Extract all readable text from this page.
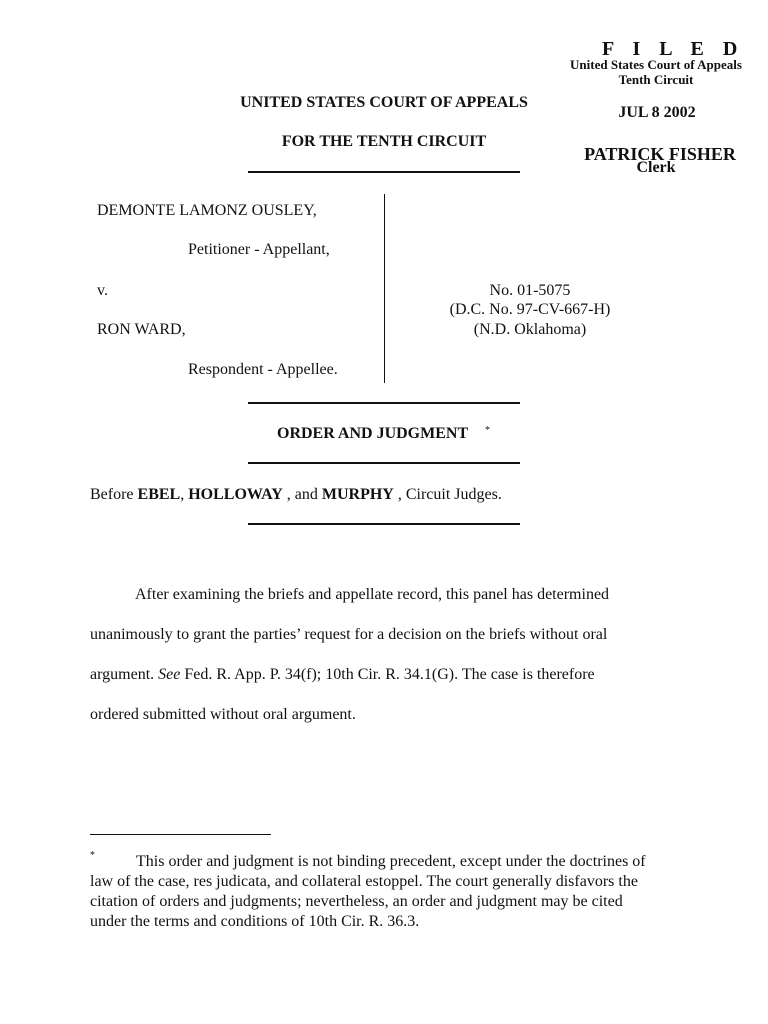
F I L E D
United States Court of Appeals
Tenth Circuit
JUL 8 2002
PATRICK FISHER
Clerk
UNITED STATES COURT OF APPEALS
FOR THE TENTH CIRCUIT
DEMONTE LAMONZ OUSLEY,
Petitioner - Appellant,
v.
RON WARD,
Respondent - Appellee.
No. 01-5075
(D.C. No. 97-CV-667-H)
(N.D. Oklahoma)
ORDER AND JUDGMENT *
Before EBEL, HOLLOWAY , and MURPHY , Circuit Judges.
After examining the briefs and appellate record, this panel has determined
unanimously to grant the parties’ request for a decision on the briefs without oral
argument. See Fed. R. App. P. 34(f); 10th Cir. R. 34.1(G). The case is therefore
ordered submitted without oral argument.
*	This order and judgment is not binding precedent, except under the doctrines of law of the case, res judicata, and collateral estoppel. The court generally disfavors the citation of orders and judgments; nevertheless, an order and judgment may be cited under the terms and conditions of 10th Cir. R. 36.3.
